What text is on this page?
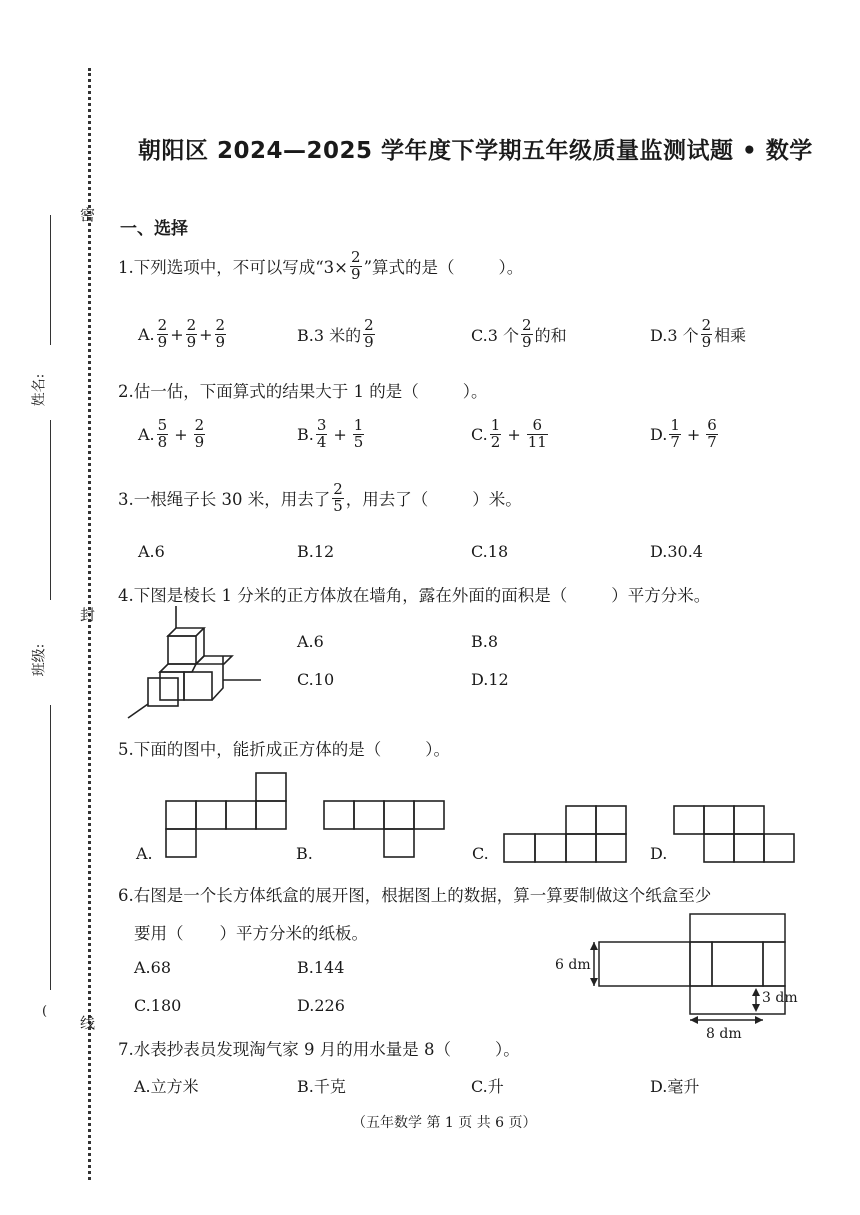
密
封
线
姓名:
班级:
(
朝阳区 2024—2025 学年度下学期五年级质量监测试题 • 数学
一、选择
1.下列选项中，不可以写成“$3\times \frac{2}{9}$ ”算式的是（	）。
A. $\frac{2}{9} + \frac{2}{9} + \frac{2}{9}$	B.3 米的 $\frac{2}{9}$	C.3 个 $\frac{2}{9}$ 的和	D.3 个 $\frac{2}{9}$ 相乘
2.估一估，下面算式的结果大于 1 的是（	）。
A. $\frac{5}{8} + \frac{2}{9}$	B. $\frac{3}{4} + \frac{1}{5}$	C. $\frac{1}{2} + \frac{6}{11}$	D. $\frac{1}{7} + \frac{6}{7}$
3.一根绳子长 30 米，用去了 $\frac{2}{5}$ ，用去了（	）米。
A.6	B.12	C.18	D.30.4
4.下图是棱长 1 分米的正方体放在墙角，露在外面的面积是（	）平方分米。
A.6	B.8
C.10	D.12
5.下面的图中，能折成正方体的是（	）。
A.	B.	C.	D.
6.右图是一个长方体纸盒的展开图，根据图上的数据，算一算要制做这个纸盒至少
要用（ ）平方分米的纸板。
A.68	B.144
C.180	D.226
6 dm
3 dm
8 dm
7.水表抄表员发现淘气家 9 月的用水量是 8（	）。
A.立方米	B.千克	C.升	D.毫升
（五年数学 第 1 页 共 6 页）
